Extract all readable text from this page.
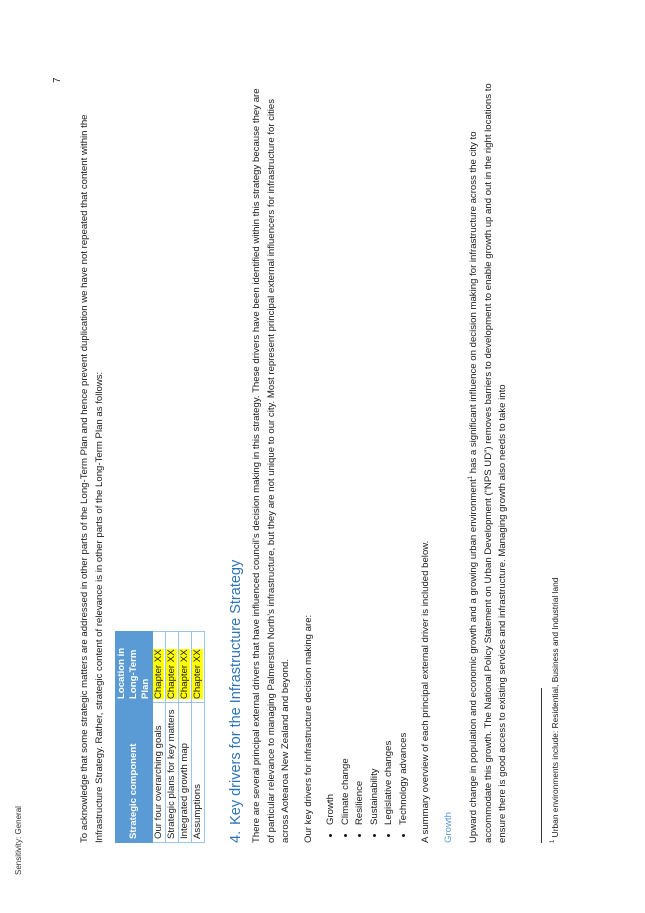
Sensitivity: General
7

To acknowledge that some strategic matters are addressed in other parts of the Long-Term Plan and hence prevent duplication we have not repeated that content within the Infrastructure Strategy. Rather, strategic content of relevance is in other parts of the Long-Term Plan as follows: Strategic component	Location in Long-Term Plan
Our four overarching goals	Chapter XX
Strategic plans for key matters	Chapter XX
Integrated growth map	Chapter XX
Assumptions	Chapter XX
4.Key drivers for the Infrastructure Strategy There are several principal external drivers that have influenced council’s decision making in this strategy. These drivers have been identified within this strategy because they are of particular relevance to managing Palmerston North’s infrastructure, but they are not unique to our city. Most represent principal external influencers for infrastructure for cities across Aotearoa New Zealand and beyond. Our key drivers for infrastructure decision making are: • Growth • Climate change • Resilience • Sustainability • Legislative changes • Technology advances A summary overview of each principal external driver is included below. Growth	Upward change in population and economic growth and a growing urban environment$^1$ has a significant influence on decision making for infrastructure across the city to accommodate this growth. The National Policy Statement on Urban Development (“NPS UD”) removes barriers to development to enable growth up and out in the right locations to ensure there is good access to existing services and infrastructure. Managing growth also needs to take into	$^1$ Urban environments include: Residential, Business and Industrial land
